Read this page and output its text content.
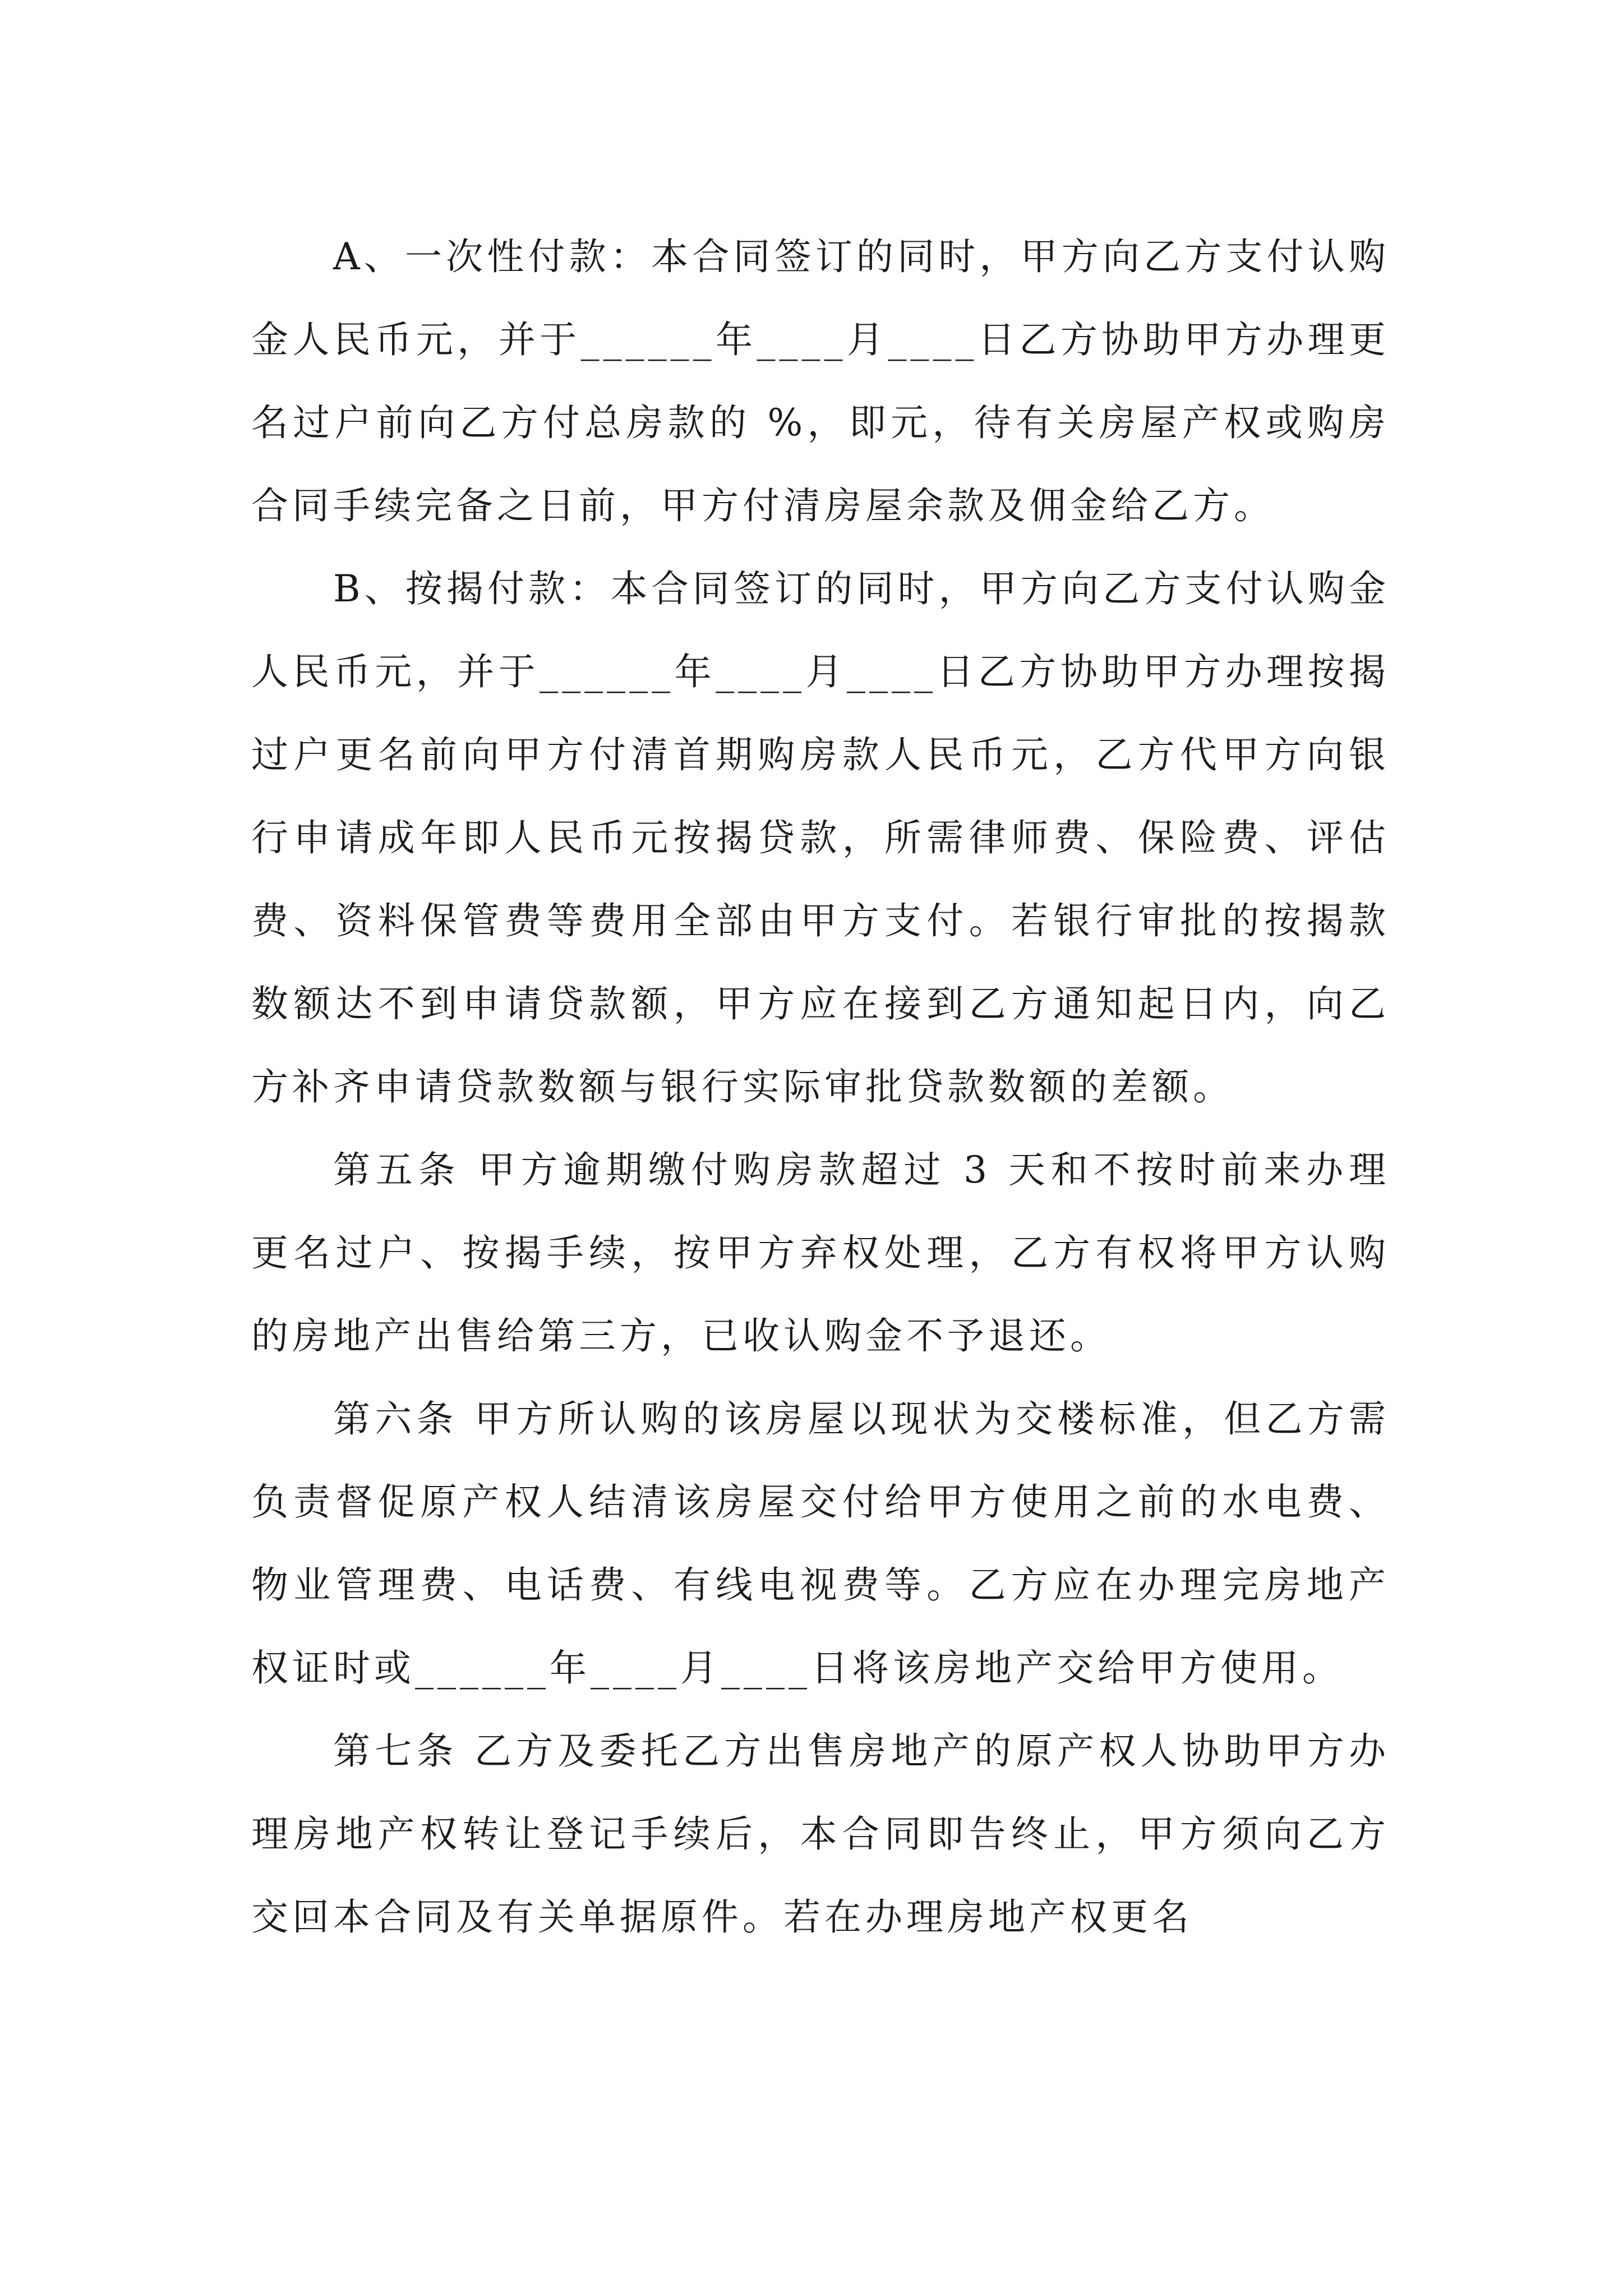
A、一次性付款：本合同签订的同时，甲方向乙方支付认购金人民币元，并于______年____月____日乙方协助甲方办理更名过户前向乙方付总房款的 %，即元，待有关房屋产权或购房合同手续完备之日前，甲方付清房屋余款及佣金给乙方。

B、按揭付款：本合同签订的同时，甲方向乙方支付认购金人民币元，并于______年____月____日乙方协助甲方办理按揭过户更名前向甲方付清首期购房款人民币元，乙方代甲方向银行申请成年即人民币元按揭贷款，所需律师费、保险费、评估费、资料保管费等费用全部由甲方支付。若银行审批的按揭款数额达不到申请贷款额，甲方应在接到乙方通知起日内，向乙方补齐申请贷款数额与银行实际审批贷款数额的差额。

第五条 甲方逾期缴付购房款超过 3 天和不按时前来办理更名过户、按揭手续，按甲方弃权处理，乙方有权将甲方认购的房地产出售给第三方，已收认购金不予退还。

第六条 甲方所认购的该房屋以现状为交楼标准，但乙方需负责督促原产权人结清该房屋交付给甲方使用之前的水电费、物业管理费、电话费、有线电视费等。乙方应在办理完房地产权证时或______年____月____日将该房地产交给甲方使用。

第七条 乙方及委托乙方出售房地产的原产权人协助甲方办理房地产权转让登记手续后，本合同即告终止，甲方须向乙方交回本合同及有关单据原件。若在办理房地产权更名
